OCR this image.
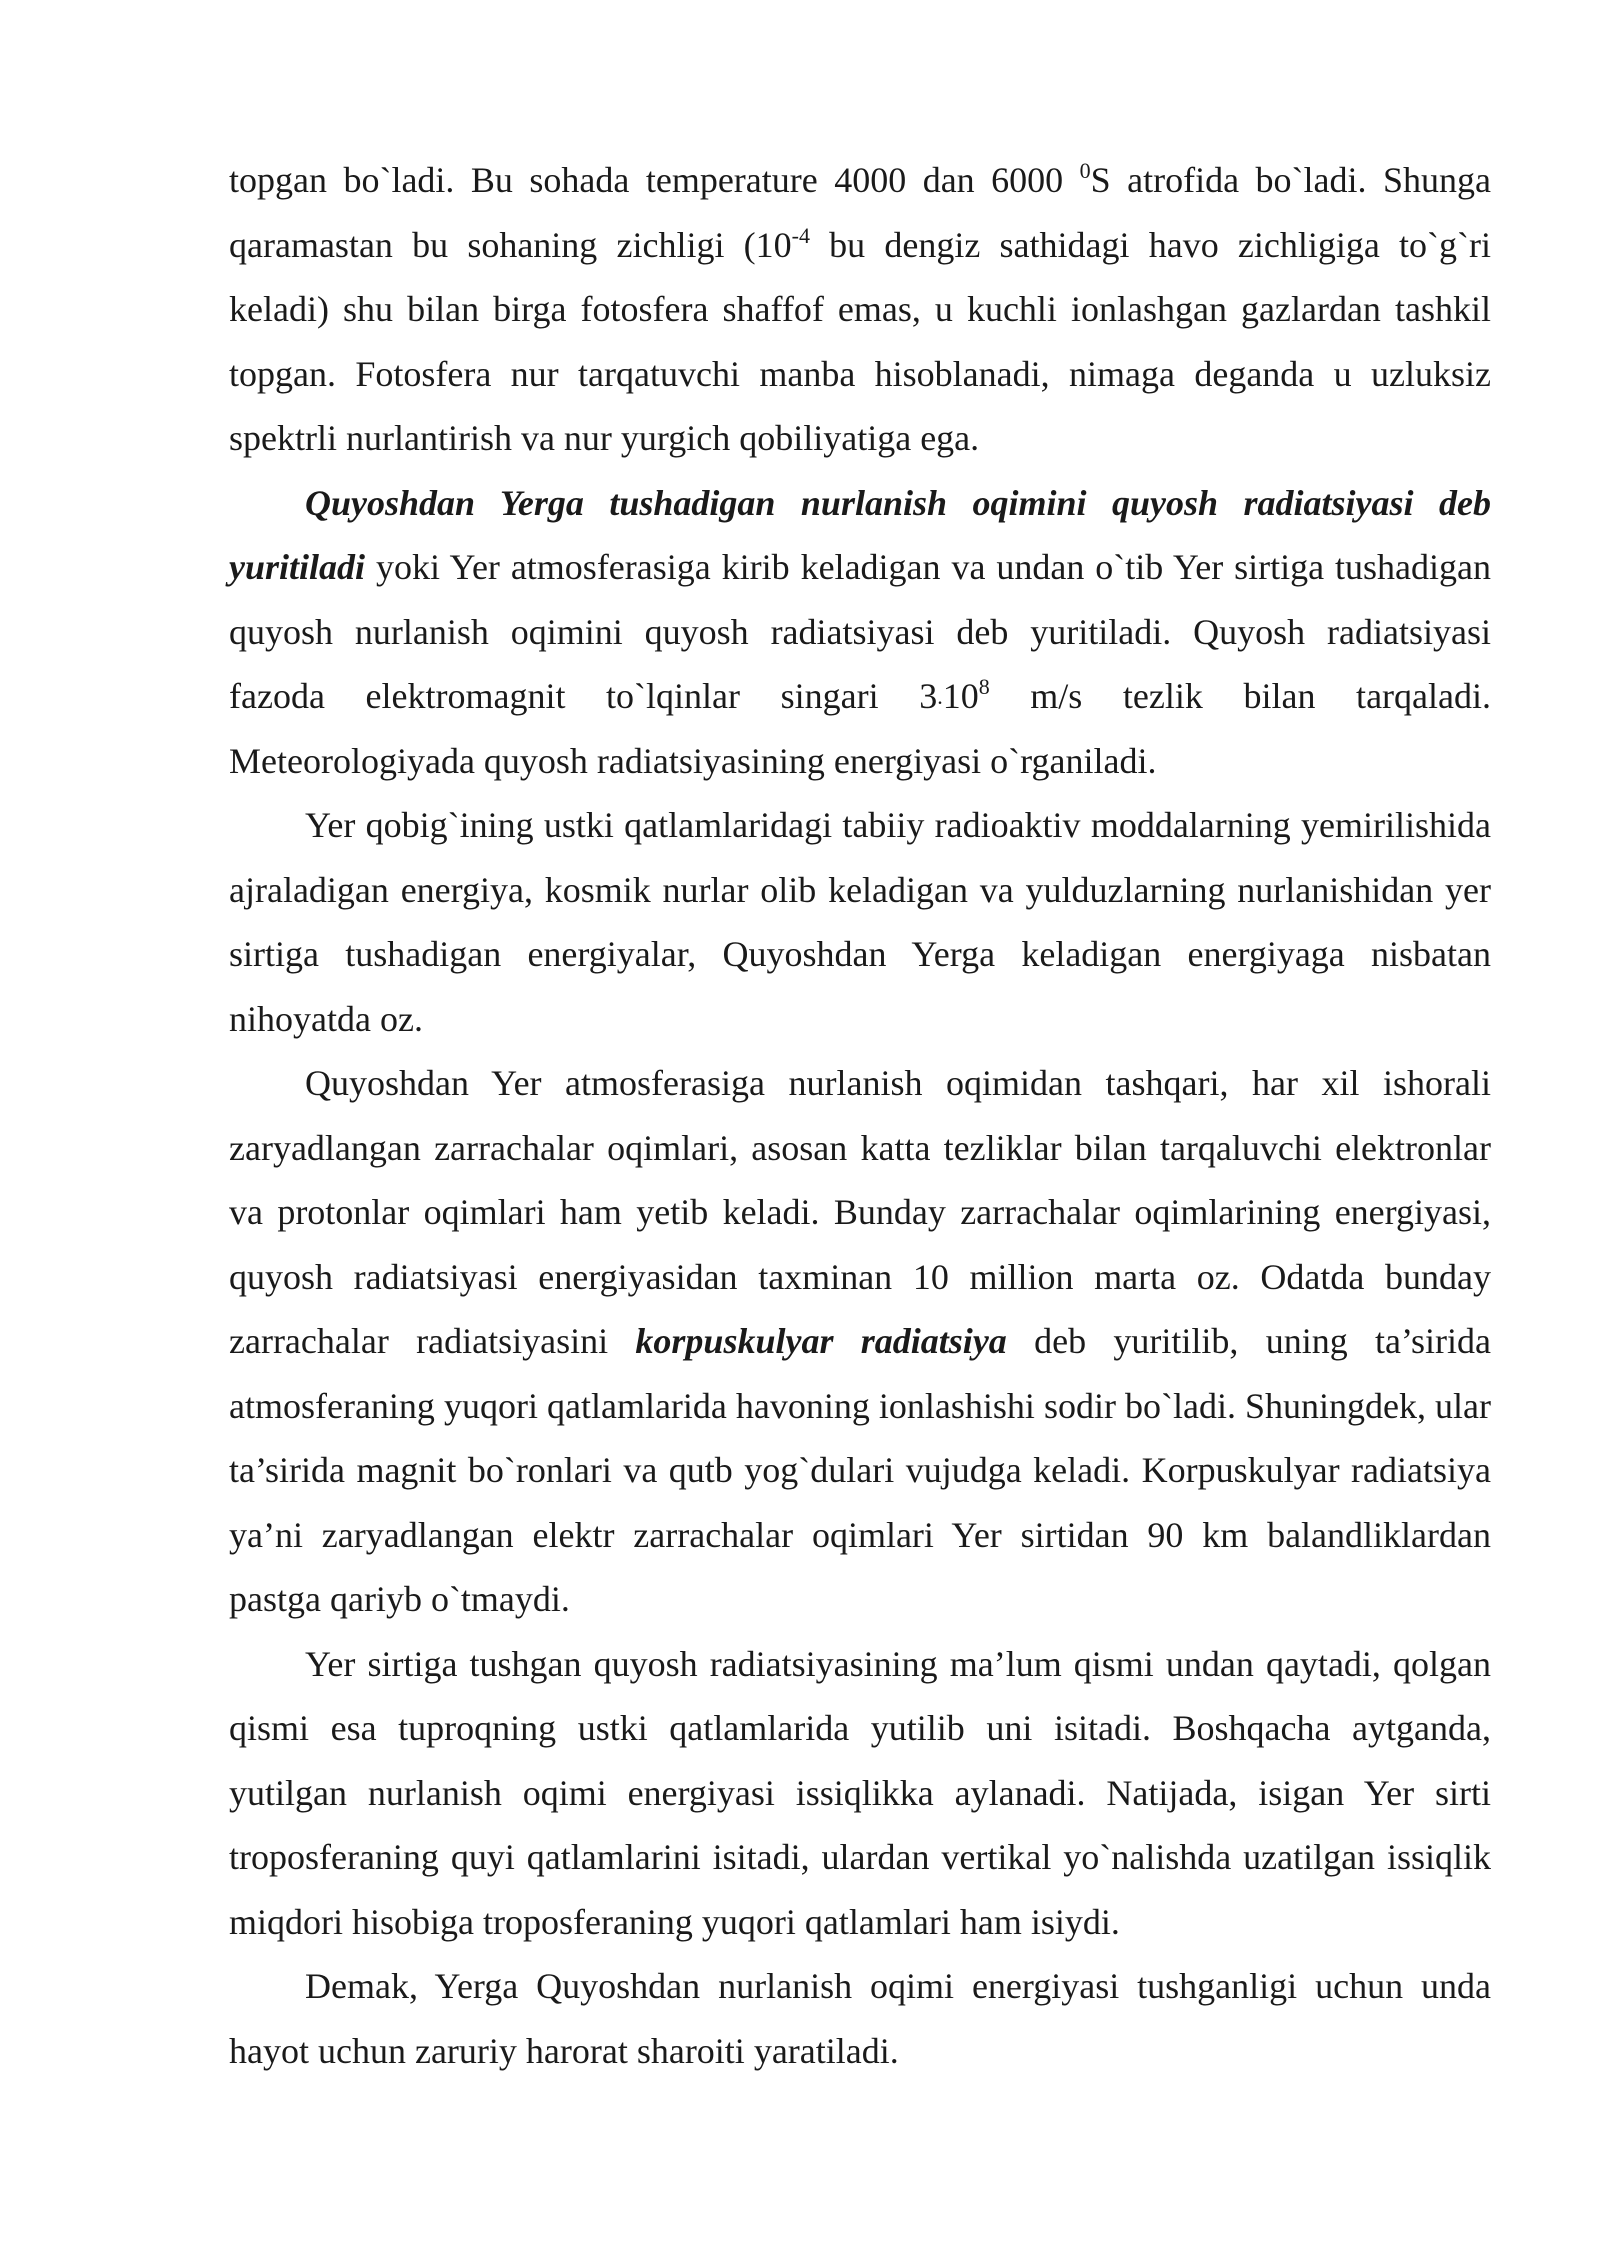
topgan bo`ladi. Bu sohada temperature 4000 dan 6000 $^0$S atrofida bo`ladi. Shunga qaramastan bu sohaning zichligi ($10^{-4}$ bu dengiz sathidagi havo zichligiga to`g`ri keladi) shu bilan birga fotosfera shaffof emas, u kuchli ionlashgan gazlardan tashkil topgan. Fotosfera nur tarqatuvchi manba hisoblanadi, nimaga deganda u uzluksiz spektrli nurlantirish va nur yurgich qobiliyatiga ega.

Quyoshdan Yerga tushadigan nurlanish oqimini quyosh radiatsiyasi deb yuritiladi yoki Yer atmosferasiga kirib keladigan va undan o`tib Yer sirtiga tushadigan quyosh nurlanish oqimini quyosh radiatsiyasi deb yuritiladi. Quyosh radiatsiyasi fazoda elektromagnit to`lqinlar singari 3.10$^8$ m/s tezlik bilan tarqaladi. Meteorologiyada quyosh radiatsiyasining energiyasi o`rganiladi.

Yer qobig`ining ustki qatlamlaridagi tabiiy radioaktiv moddalarning yemirilishida ajraladigan energiya, kosmik nurlar olib keladigan va yulduzlarning nurlanishidan yer sirtiga tushadigan energiyalar, Quyoshdan Yerga keladigan energiyaga nisbatan nihoyatda oz.

Quyoshdan Yer atmosferasiga nurlanish oqimidan tashqari, har xil ishorali zaryadlangan zarrachalar oqimlari, asosan katta tezliklar bilan tarqaluvchi elektronlar va protonlar oqimlari ham yetib keladi. Bunday zarrachalar oqimlarining energiyasi, quyosh radiatsiyasi energiyasidan taxminan 10 million marta oz. Odatda bunday zarrachalar radiatsiyasini korpuskulyar radiatsiya deb yuritilib, uning ta’sirida atmosferaning yuqori qatlamlarida havoning ionlashishi sodir bo`ladi. Shuningdek, ular ta’sirida magnit bo`ronlari va qutb yog`dulari vujudga keladi. Korpuskulyar radiatsiya ya’ni zaryadlangan elektr zarrachalar oqimlari Yer sirtidan 90 km balandliklardan pastga qariyb o`tmaydi.

Yer sirtiga tushgan quyosh radiatsiyasining ma’lum qismi undan qaytadi, qolgan qismi esa tuproqning ustki qatlamlarida yutilib uni isitadi. Boshqacha aytganda, yutilgan nurlanish oqimi energiyasi issiqlikka aylanadi. Natijada, isigan Yer sirti troposferaning quyi qatlamlarini isitadi, ulardan vertikal yo`nalishda uzatilgan issiqlik miqdori hisobiga troposferaning yuqori qatlamlari ham isiydi.

Demak, Yerga Quyoshdan nurlanish oqimi energiyasi tushganligi uchun unda hayot uchun zaruriy harorat sharoiti yaratiladi.
